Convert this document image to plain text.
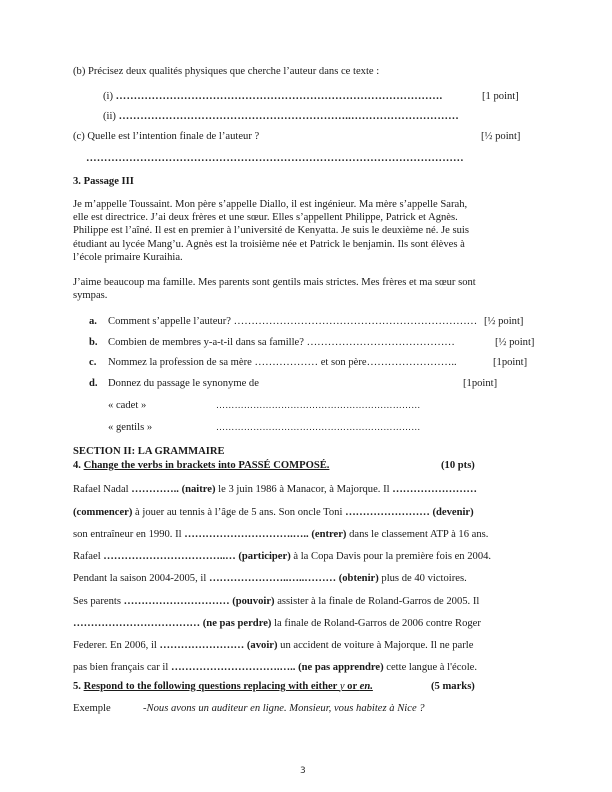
(b) Précisez deux qualités physiques que cherche l’auteur dans ce texte :
(i) ……………………………………………………………………………….	[1 point]
(ii) ………………………………………………………..…………………………
(c) Quelle est l’intention finale de l’auteur ?	[½ point]
……………………………………………………………………………………………
3. Passage III
Je m’appelle Toussaint. Mon père s’appelle Diallo, il est ingénieur. Ma mère s’appelle Sarah,
elle est directrice. J’ai deux frères et une sœur. Elles s’appellent Philippe, Patrick et Agnès.
Philippe est l’aîné. Il est en premier à l’université de Kenyatta. Je suis le deuxième né. Je suis
étudiant au lycée Mang’u. Agnès est la troisième née et Patrick le benjamin. Ils sont élèves à
l’école primaire Kuraihia.
J’aime beaucoup ma famille. Mes parents sont gentils mais strictes. Mes frères et ma sœur sont
sympas.
a. Comment s’appelle l’auteur? …………………………………………………………… [½ point]
b. Combien de membres y-a-t-il dans sa famille? ……………………………………	[½ point]
c. Nommez la profession de sa mère ……………… et son père……………………..	[1point]
d. Donnez du passage le synonyme de	[1point]
« cadet »	…………………………………………………………
« gentils »	…………………………………………………………
SECTION II: LA GRAMMAIRE
4. Change the verbs in brackets into PASSÉ COMPOSÉ.	(10 pts)
Rafael Nadal ………….. (naitre) le 3 juin 1986 à Manacor, à Majorque. Il ……………………
(commencer) à jouer au tennis à l’âge de 5 ans. Son oncle Toni …………………… (devenir)
son entraîneur en 1990. Il ………………………….….. (entrer) dans le classement ATP à 16 ans.
Rafael ……………………………..… (participer) à la Copa Davis pour la première fois en 2004.
Pendant la saison 2004-2005, il …………………..…..……… (obtenir) plus de 40 victoires.
Ses parents ………………………… (pouvoir) assister à la finale de Roland-Garros de 2005. Il
……………………………… (ne pas perdre) la finale de Roland-Garros de 2006 contre Roger
Federer. En 2006, il …………………… (avoir) un accident de voiture à Majorque. Il ne parle
pas bien français car il ………………………….….. (ne pas apprendre) cette langue à l'école.
5. Respond to the following questions replacing with either y or en.	(5 marks)
Exemple	-Nous avons un auditeur en ligne. Monsieur, vous habitez à Nice ?
3
